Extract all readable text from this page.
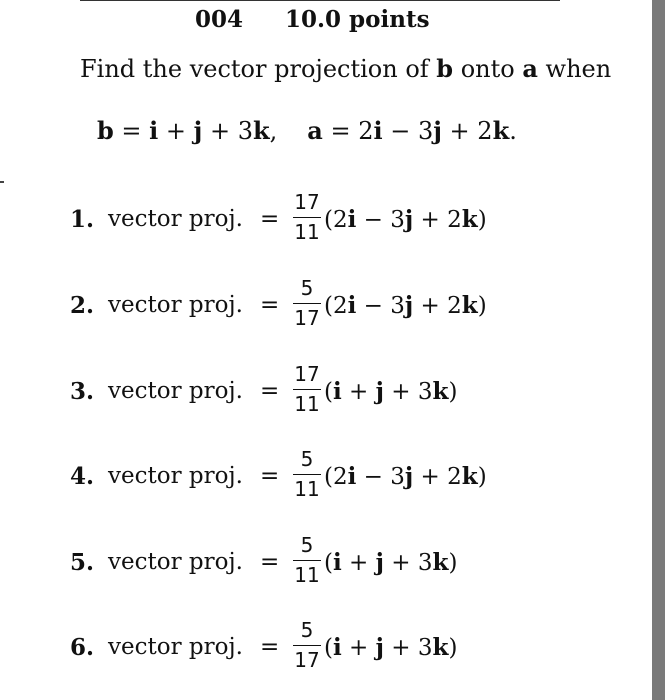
004 10.0 points
Find the vector projection of b onto a when
b = i + j + 3k, a = 2i − 3j + 2k.
1. vector proj. =
17
11 (2i − 3j + 2k)
2. vector proj. =
5
17 (2i − 3j + 2k)
3. vector proj. =
17
11 (i + j + 3k)
4. vector proj. =
5
11 (2i − 3j + 2k)
5. vector proj. =
5
11 (i + j + 3k)
6. vector proj. =
5
17 (i + j + 3k)
